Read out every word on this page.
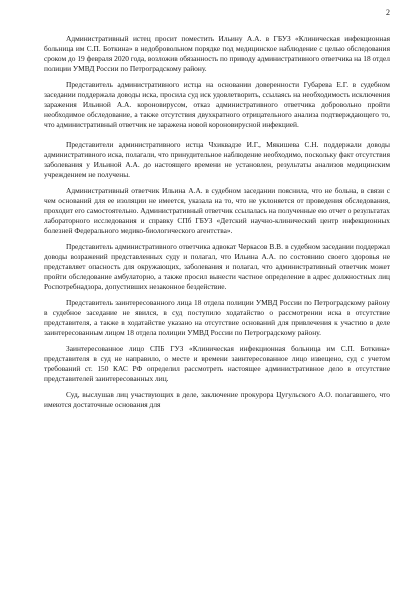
2

Административный истец просит поместить Ильину А.А. в ГБУЗ «Клиническая инфекционная больница им С.П. Боткина» в недобровольном порядке под медицинское наблюдение с целью обследования сроком до 19 февраля 2020 года, возложив обязанность по приводу административного ответчика на 18 отдел полиции УМВД России по Петроградскому району.

Представитель административного истца на основании доверенности Губарева Е.Г. в судебном заседании поддержала доводы иска, просила суд иск удовлетворить, ссылаясь на необходимость исключения заражения Ильиной А.А. короновирусом, отказ административного ответчика добровольно пройти необходимое обследование, а также отсутствия двухкратного отрицательного анализа подтверждающего то, что административный ответчик не заражена новой короновирусной инфекцией.

Представители административного истца Чхиквадзе И.Г., Мякишева С.Н. поддержали доводы административного иска, полагали, что принудительное наблюдение необходимо, поскольку факт отсутствия заболевания у Ильиной А.А. до настоящего времени не установлен, результаты анализов медицинским учреждением не получены.

Административный ответчик Ильина А.А. в судебном заседании пояснила, что не больна, в связи с чем оснований для ее изоляции не имеется, указала на то, что не уклоняется от проведения обследования, проходит его самостоятельно. Административный ответчик ссылалась на полученные ею отчет о результатах лабораторного исследования и справку СПб ГБУЗ «Детский научно-клинический центр инфекционных болезней Федерального медико-биологического агентства».

Представитель административного ответчика адвокат Черкасов В.В. в судебном заседании поддержал доводы возражений представленных суду и полагал, что Ильина А.А. по состоянию своего здоровья не представляет опасность для окружающих, заболевания и полагал, что административный ответчик может пройти обследование амбулаторно, а также просил вынести частное определение в адрес должностных лиц Роспотребнадзора, допустивших незаконное бездействие.

Представитель заинтересованного лица 18 отдела полиции УМВД России по Петроградскому району в судебное заседание не явился, в суд поступило ходатайство о рассмотрении иска в отсутствие представителя, а также в ходатайстве указано на отсутствие оснований для привлечения к участию в деле заинтересованным лицом 18 отдела полиции УМВД России по Петроградскому району.

Заинтересованное лицо СПБ ГУЗ «Клиническая инфекционная больница им С.П. Боткина» представителя в суд не направило, о месте и времени заинтересованное лицо извещено, суд с учетом требований ст. 150 КАС РФ определил рассмотреть настоящее административное дело в отсутствие представителей заинтересованных лиц.

Суд, выслушав лиц участвующих в деле, заключение прокурора Цугульского А.О. полагавшего, что имеются достаточные основания для
